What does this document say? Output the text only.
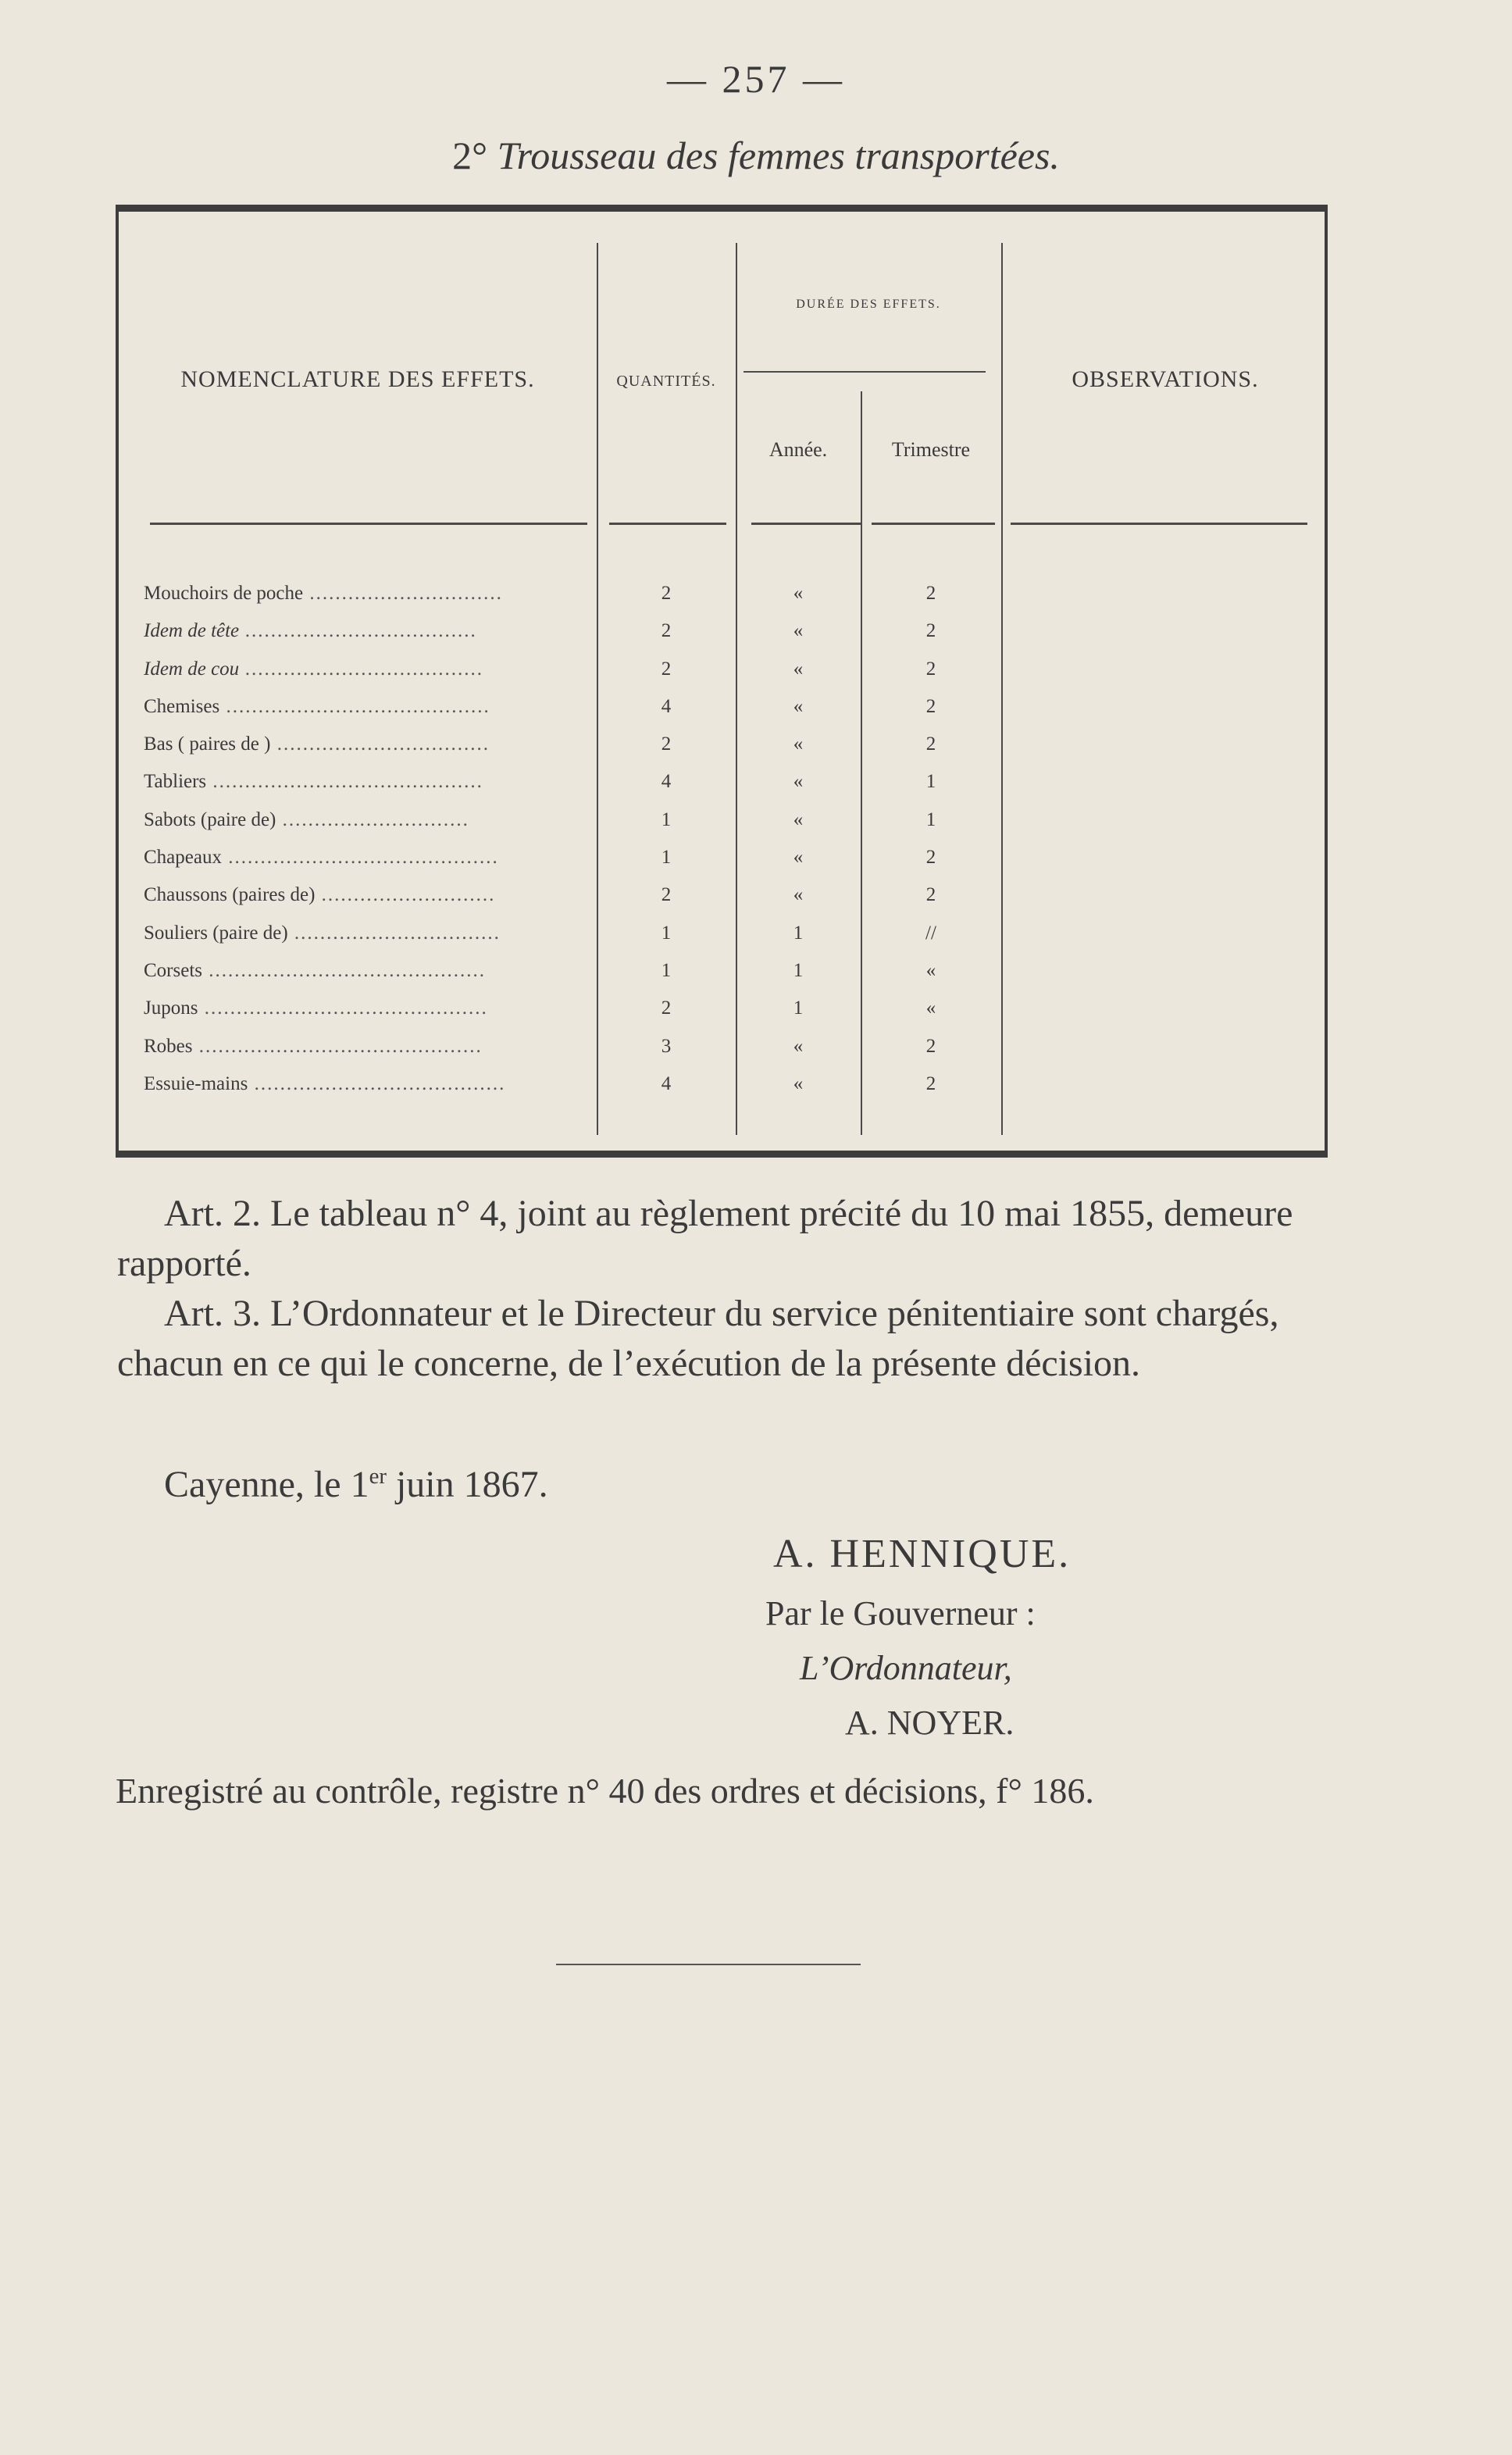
— 257 —
2° Trousseau des femmes transportées.
NOMENCLATURE DES EFFETS.	QUANTITÉS.
DURÉE DES EFFETS.
Année.	Trimestre
OBSERVATIONS.
Mouchoirs de poche ..............................	2	«	2
Idem de tête ....................................	2	«	2
Idem de cou .....................................	2	«	2
Chemises .........................................	4	«	2
Bas ( paires de ) .................................	2	«	2
Tabliers ..........................................	4	«	1
Sabots (paire de) .............................	1	«	1
Chapeaux ..........................................	1	«	2
Chaussons (paires de) ...........................	2	«	2
Souliers (paire de) ................................	1	1	//
Corsets ...........................................	1	1	«
Jupons ............................................	2	1	«
Robes ............................................	3	«	2
Essuie-mains .......................................	4	«	2
Art. 2. Le tableau n° 4, joint au règlement précité du 10 mai 1855, demeure rapporté.
Art. 3. L’Ordonnateur et le Directeur du service pénitentiaire sont chargés, chacun en ce qui le concerne, de l’exécution de la présente décision.
Cayenne, le 1er juin 1867.
A. HENNIQUE.
Par le Gouverneur :
L’Ordonnateur,
A. NOYER.
Enregistré au contrôle, registre n° 40 des ordres et décisions, f° 186.
